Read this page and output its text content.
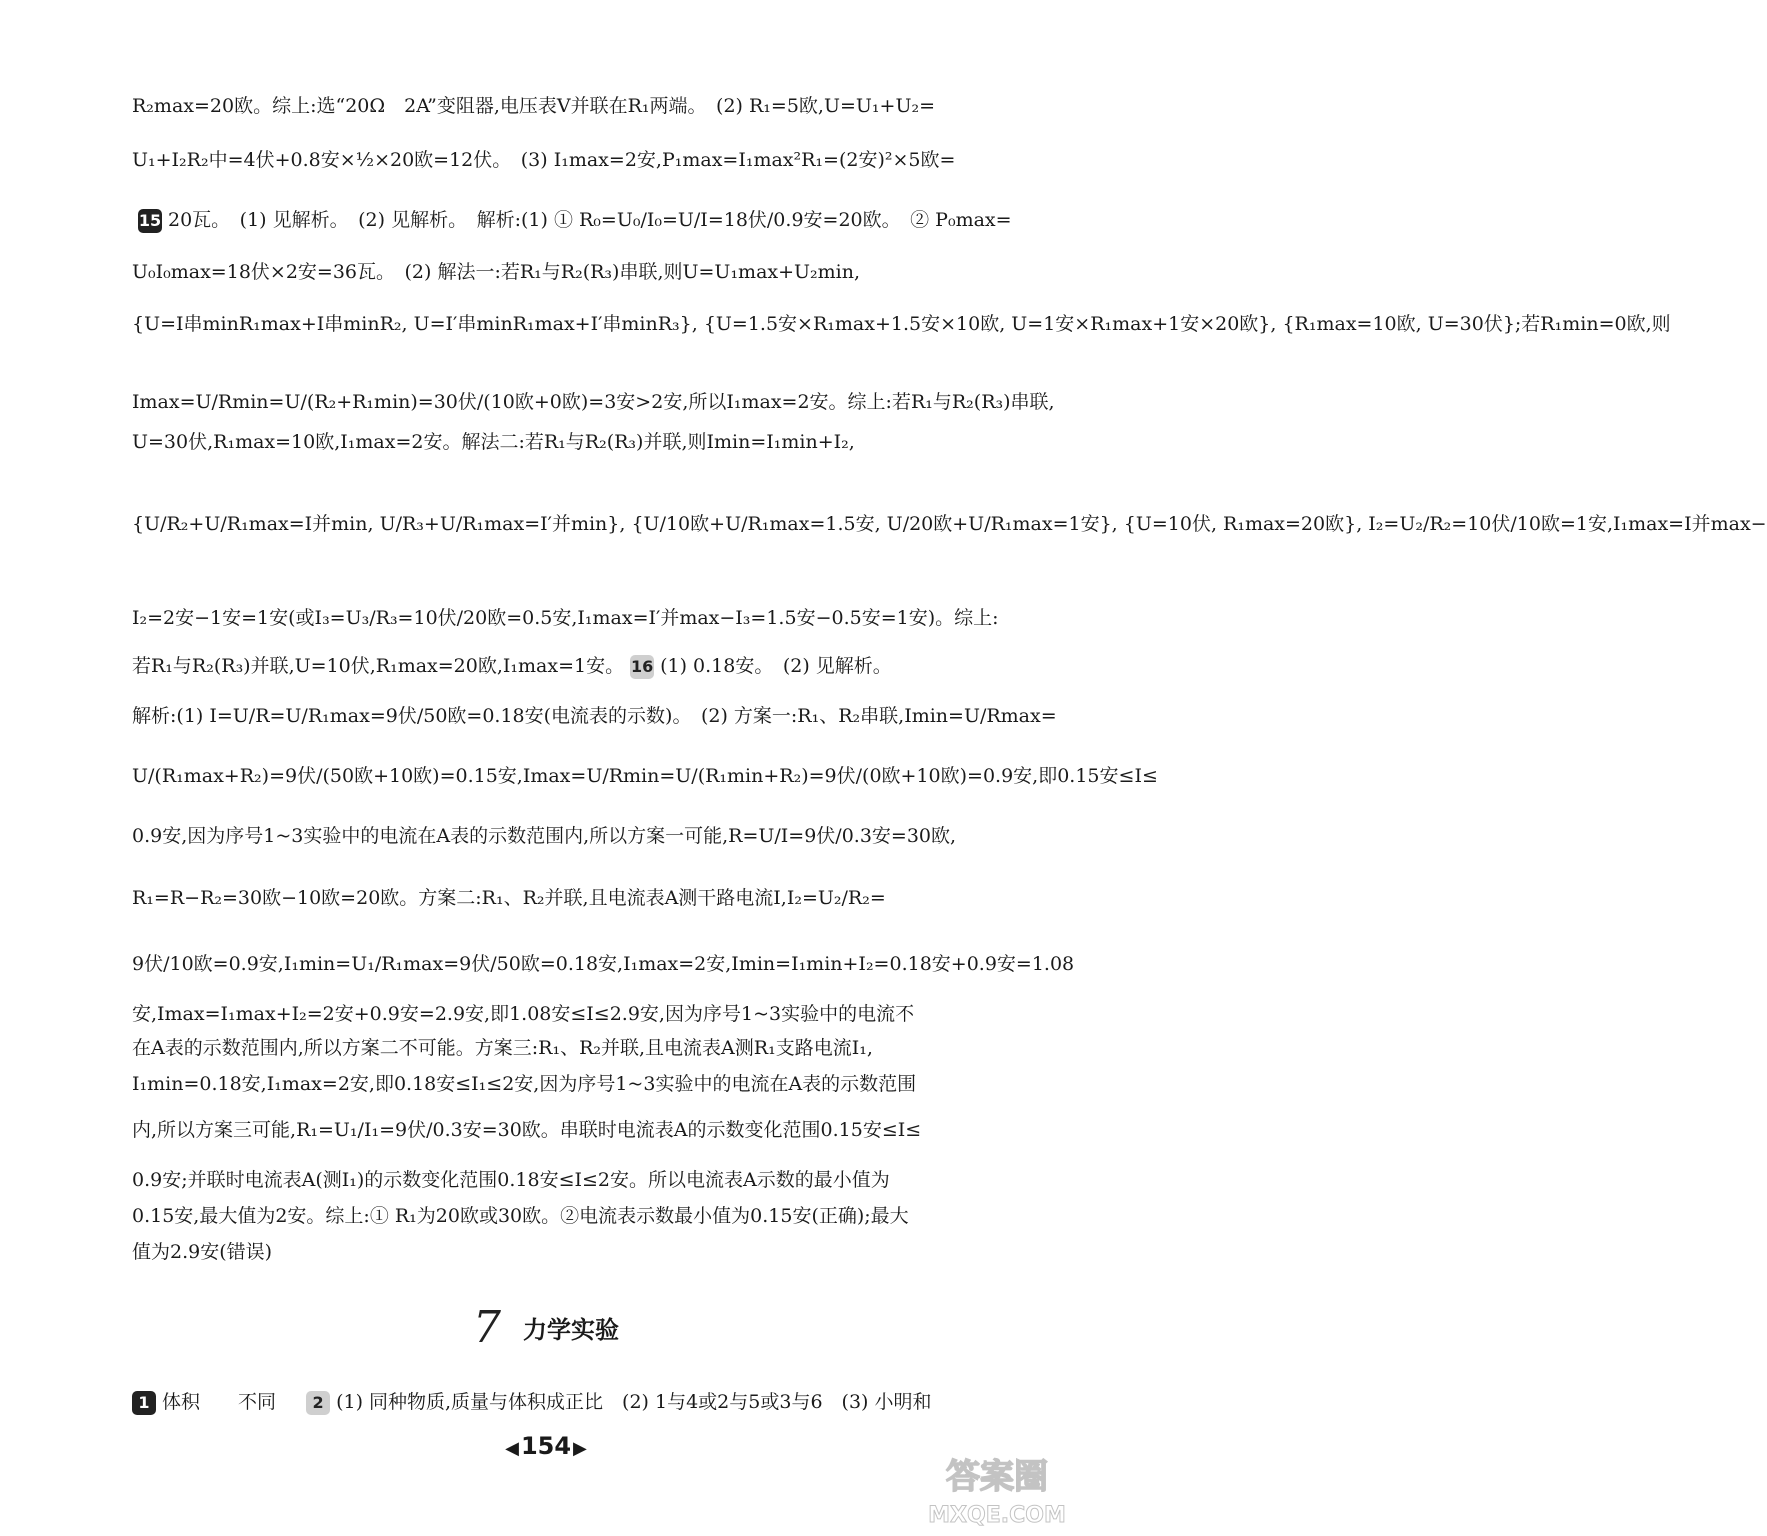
R₂max=20欧。综上:选“20Ω　2A”变阻器,电压表V并联在R₁两端。　(2) R₁=5欧,U=U₁+U₂=
U₁+I₂R₂中=4伏+0.8安×½×20欧=12伏。　(3) I₁max=2安,P₁max=I₁max²R₁=(2安)²×5欧=
15 20瓦。　(1) 见解析。　(2) 见解析。　解析:(1) ① R₀=U₀/I₀=U/I=18伏/0.9安=20欧。　② P₀max=
U₀I₀max=18伏×2安=36瓦。　(2) 解法一:若R₁与R₂(R₃)串联,则U=U₁max+U₂min,
{U=I串minR₁max+I串minR₂, U=I′串minR₁max+I′串minR₃}, {U=1.5安×R₁max+1.5安×10欧, U=1安×R₁max+1安×20欧}, {R₁max=10欧, U=30伏};若R₁min=0欧,则
Imax=U/Rmin=U/(R₂+R₁min)=30伏/(10欧+0欧)=3安>2安,所以I₁max=2安。综上:若R₁与R₂(R₃)串联,
U=30伏,R₁max=10欧,I₁max=2安。解法二:若R₁与R₂(R₃)并联,则Imin=I₁min+I₂,
{U/R₂+U/R₁max=I并min, U/R₃+U/R₁max=I′并min}, {U/10欧+U/R₁max=1.5安, U/20欧+U/R₁max=1安}, {U=10伏, R₁max=20欧}, I₂=U₂/R₂=10伏/10欧=1安,I₁max=I并max−
I₂=2安−1安=1安(或I₃=U₃/R₃=10伏/20欧=0.5安,I₁max=I′并max−I₃=1.5安−0.5安=1安)。综上:
若R₁与R₂(R₃)并联,U=10伏,R₁max=20欧,I₁max=1安。 16 (1) 0.18安。　(2) 见解析。
解析:(1) I=U/R=U/R₁max=9伏/50欧=0.18安(电流表的示数)。　(2) 方案一:R₁、R₂串联,Imin=U/Rmax=
U/(R₁max+R₂)=9伏/(50欧+10欧)=0.15安,Imax=U/Rmin=U/(R₁min+R₂)=9伏/(0欧+10欧)=0.9安,即0.15安≤I≤
0.9安,因为序号1~3实验中的电流在A表的示数范围内,所以方案一可能,R=U/I=9伏/0.3安=30欧,
R₁=R−R₂=30欧−10欧=20欧。方案二:R₁、R₂并联,且电流表A测干路电流I,I₂=U₂/R₂=
9伏/10欧=0.9安,I₁min=U₁/R₁max=9伏/50欧=0.18安,I₁max=2安,Imin=I₁min+I₂=0.18安+0.9安=1.08
安,Imax=I₁max+I₂=2安+0.9安=2.9安,即1.08安≤I≤2.9安,因为序号1~3实验中的电流不
在A表的示数范围内,所以方案二不可能。方案三:R₁、R₂并联,且电流表A测R₁支路电流I₁,
I₁min=0.18安,I₁max=2安,即0.18安≤I₁≤2安,因为序号1~3实验中的电流在A表的示数范围
内,所以方案三可能,R₁=U₁/I₁=9伏/0.3安=30欧。串联时电流表A的示数变化范围0.15安≤I≤
0.9安;并联时电流表A(测I₁)的示数变化范围0.18安≤I≤2安。所以电流表A示数的最小值为
0.15安,最大值为2安。综上:① R₁为20欧或30欧。②电流表示数最小值为0.15安(正确);最大
值为2.9安(错误)
7 力学实验
1 体积　　不同 2 (1) 同种物质,质量与体积成正比　(2) 1与4或2与5或3与6　(3) 小明和
◀154 ▶
答案圈
MXQE.COM
